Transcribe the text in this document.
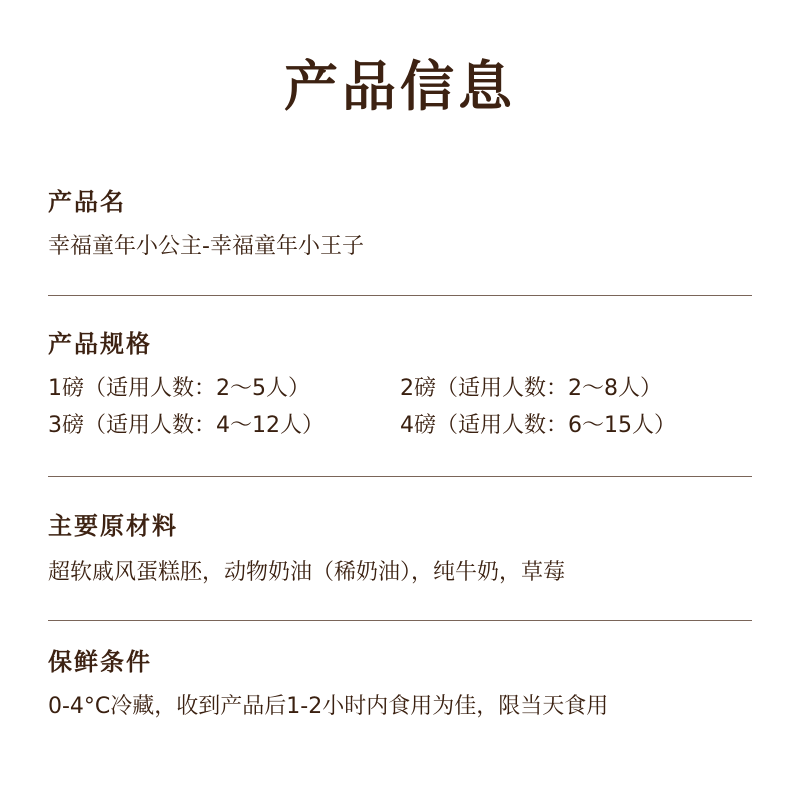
产品信息
产品名
幸福童年小公主-幸福童年小王子
产品规格
1磅（适用人数：2～5人）	2磅（适用人数：2～8人）
3磅（适用人数：4～12人）	4磅（适用人数：6～15人）
主要原材料
超软戚风蛋糕胚，动物奶油（稀奶油），纯牛奶，草莓
保鲜条件
0-4°C冷藏，收到产品后1-2小时内食用为佳，限当天食用
